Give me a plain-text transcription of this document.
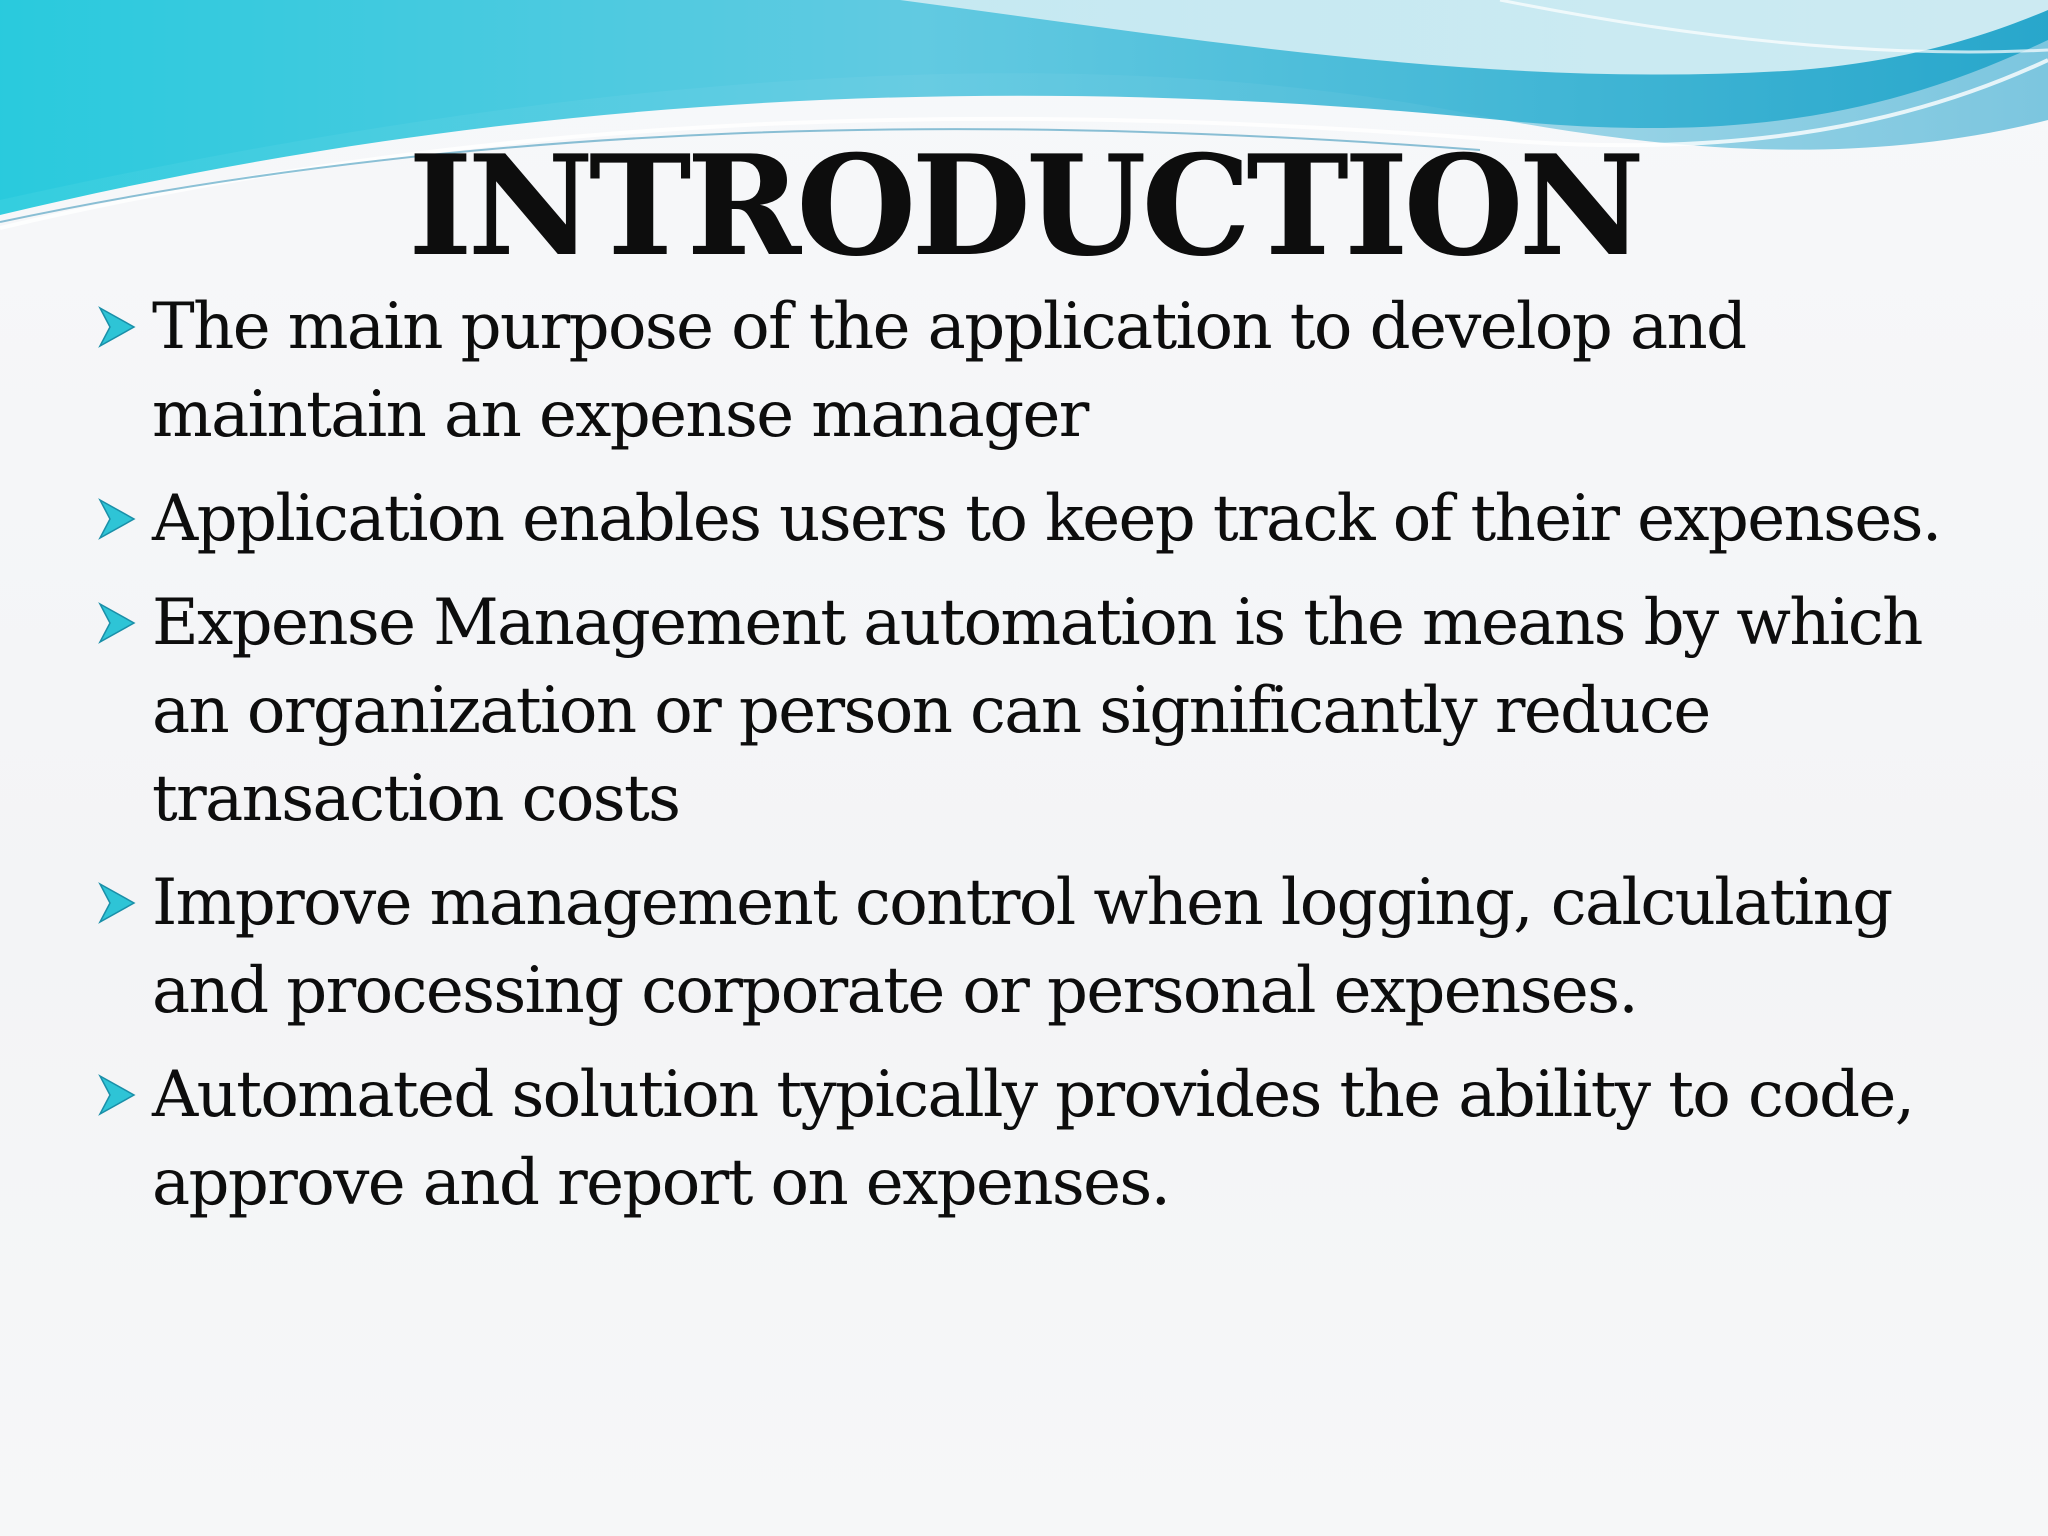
INTRODUCTION
The main purpose of the application to develop and maintain an expense manager
Application enables users to keep track of their expenses.
Expense Management automation is the means by which an organization or person can significantly reduce transaction costs
Improve management control when logging, calculating and processing corporate or personal expenses.
Automated solution typically provides the ability to code, approve and report on expenses.
